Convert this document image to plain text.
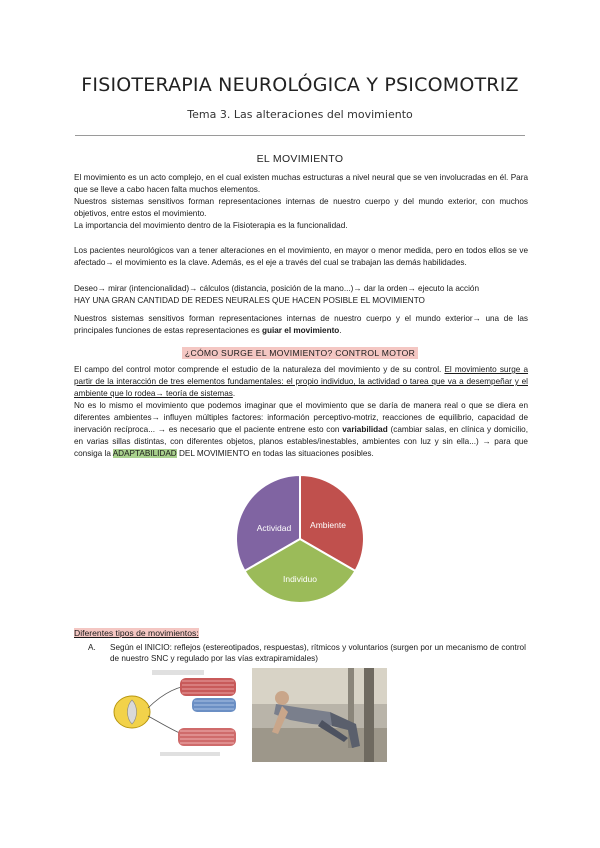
FISIOTERAPIA NEUROLÓGICA Y PSICOMOTRIZ
Tema 3. Las alteraciones del movimiento
EL MOVIMIENTO

El movimiento es un acto complejo, en el cual existen muchas estructuras a nivel neural que se ven involucradas en él. Para que se lleve a cabo hacen falta muchos elementos.

Nuestros sistemas sensitivos forman representaciones internas de nuestro cuerpo y del mundo exterior, con muchos objetivos, entre estos el movimiento.

La importancia del movimiento dentro de la Fisioterapia es la funcionalidad.

Los pacientes neurológicos van a tener alteraciones en el movimiento, en mayor o menor medida, pero en todos ellos se ve afectado→ el movimiento es la clave. Además, es el eje a través del cual se trabajan las demás habilidades.

Deseo→ mirar (intencionalidad)→ cálculos (distancia, posición de la mano...)→ dar la orden→ ejecuto la acción

HAY UNA GRAN CANTIDAD DE REDES NEURALES QUE HACEN POSIBLE EL MOVIMIENTO

Nuestros sistemas sensitivos forman representaciones internas de nuestro cuerpo y el mundo exterior→ una de las principales funciones de estas representaciones es guiar el movimiento.

¿CÓMO SURGE EL MOVIMIENTO? CONTROL MOTOR

El campo del control motor comprende el estudio de la naturaleza del movimiento y de su control. El movimiento surge a partir de la interacción de tres elementos fundamentales: el propio individuo, la actividad o tarea que va a desempeñar y el ambiente que lo rodea→ teoría de sistemas.

No es lo mismo el movimiento que podemos imaginar que el movimiento que se daría de manera real o que se diera en diferentes ambientes→ influyen múltiples factores: información perceptivo-motriz, reacciones de equilibrio, capacidad de inervación recíproca... → es necesario que el paciente entrene esto con variabilidad (cambiar salas, en clínica y domicilio, en varias sillas distintas, con diferentes objetos, planos estables/inestables, ambientes con luz y sin ella...) → para que consiga la ADAPTABILIDAD DEL MOVIMIENTO en todas las situaciones posibles.

Actividad Ambiente
Individuo
Diferentes tipos de movimientos:
A. Según el INICIO: reflejos (estereotipados, respuestas), rítmicos y voluntarios (surgen por un mecanismo de control de nuestro SNC y regulado por las vías extrapiramidales)
